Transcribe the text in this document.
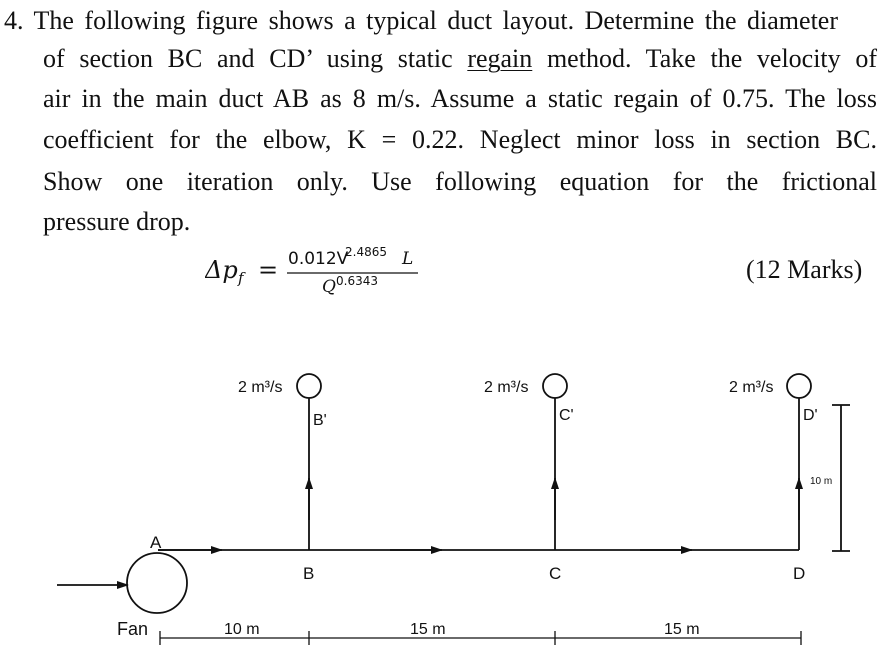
4. The following figure shows a typical duct layout. Determine the diameter
of section BC and CD’ using static regain method. Take the velocity of
air in the main duct AB as 8 m/s. Assume a static regain of 0.75. The loss
coefficient for the elbow, K = 0.22. Neglect minor loss in section BC.
Show one iteration only. Use following equation for the frictional
pressure drop.
Δp f = 0.012V
2.4865 L
Q 0.6343	(12 Marks)
2 m³/s	2 m³/s	2 m³/s
B'	C'	D'
A
B	C	D
Fan	10 m	15 m	15 m
10 m
